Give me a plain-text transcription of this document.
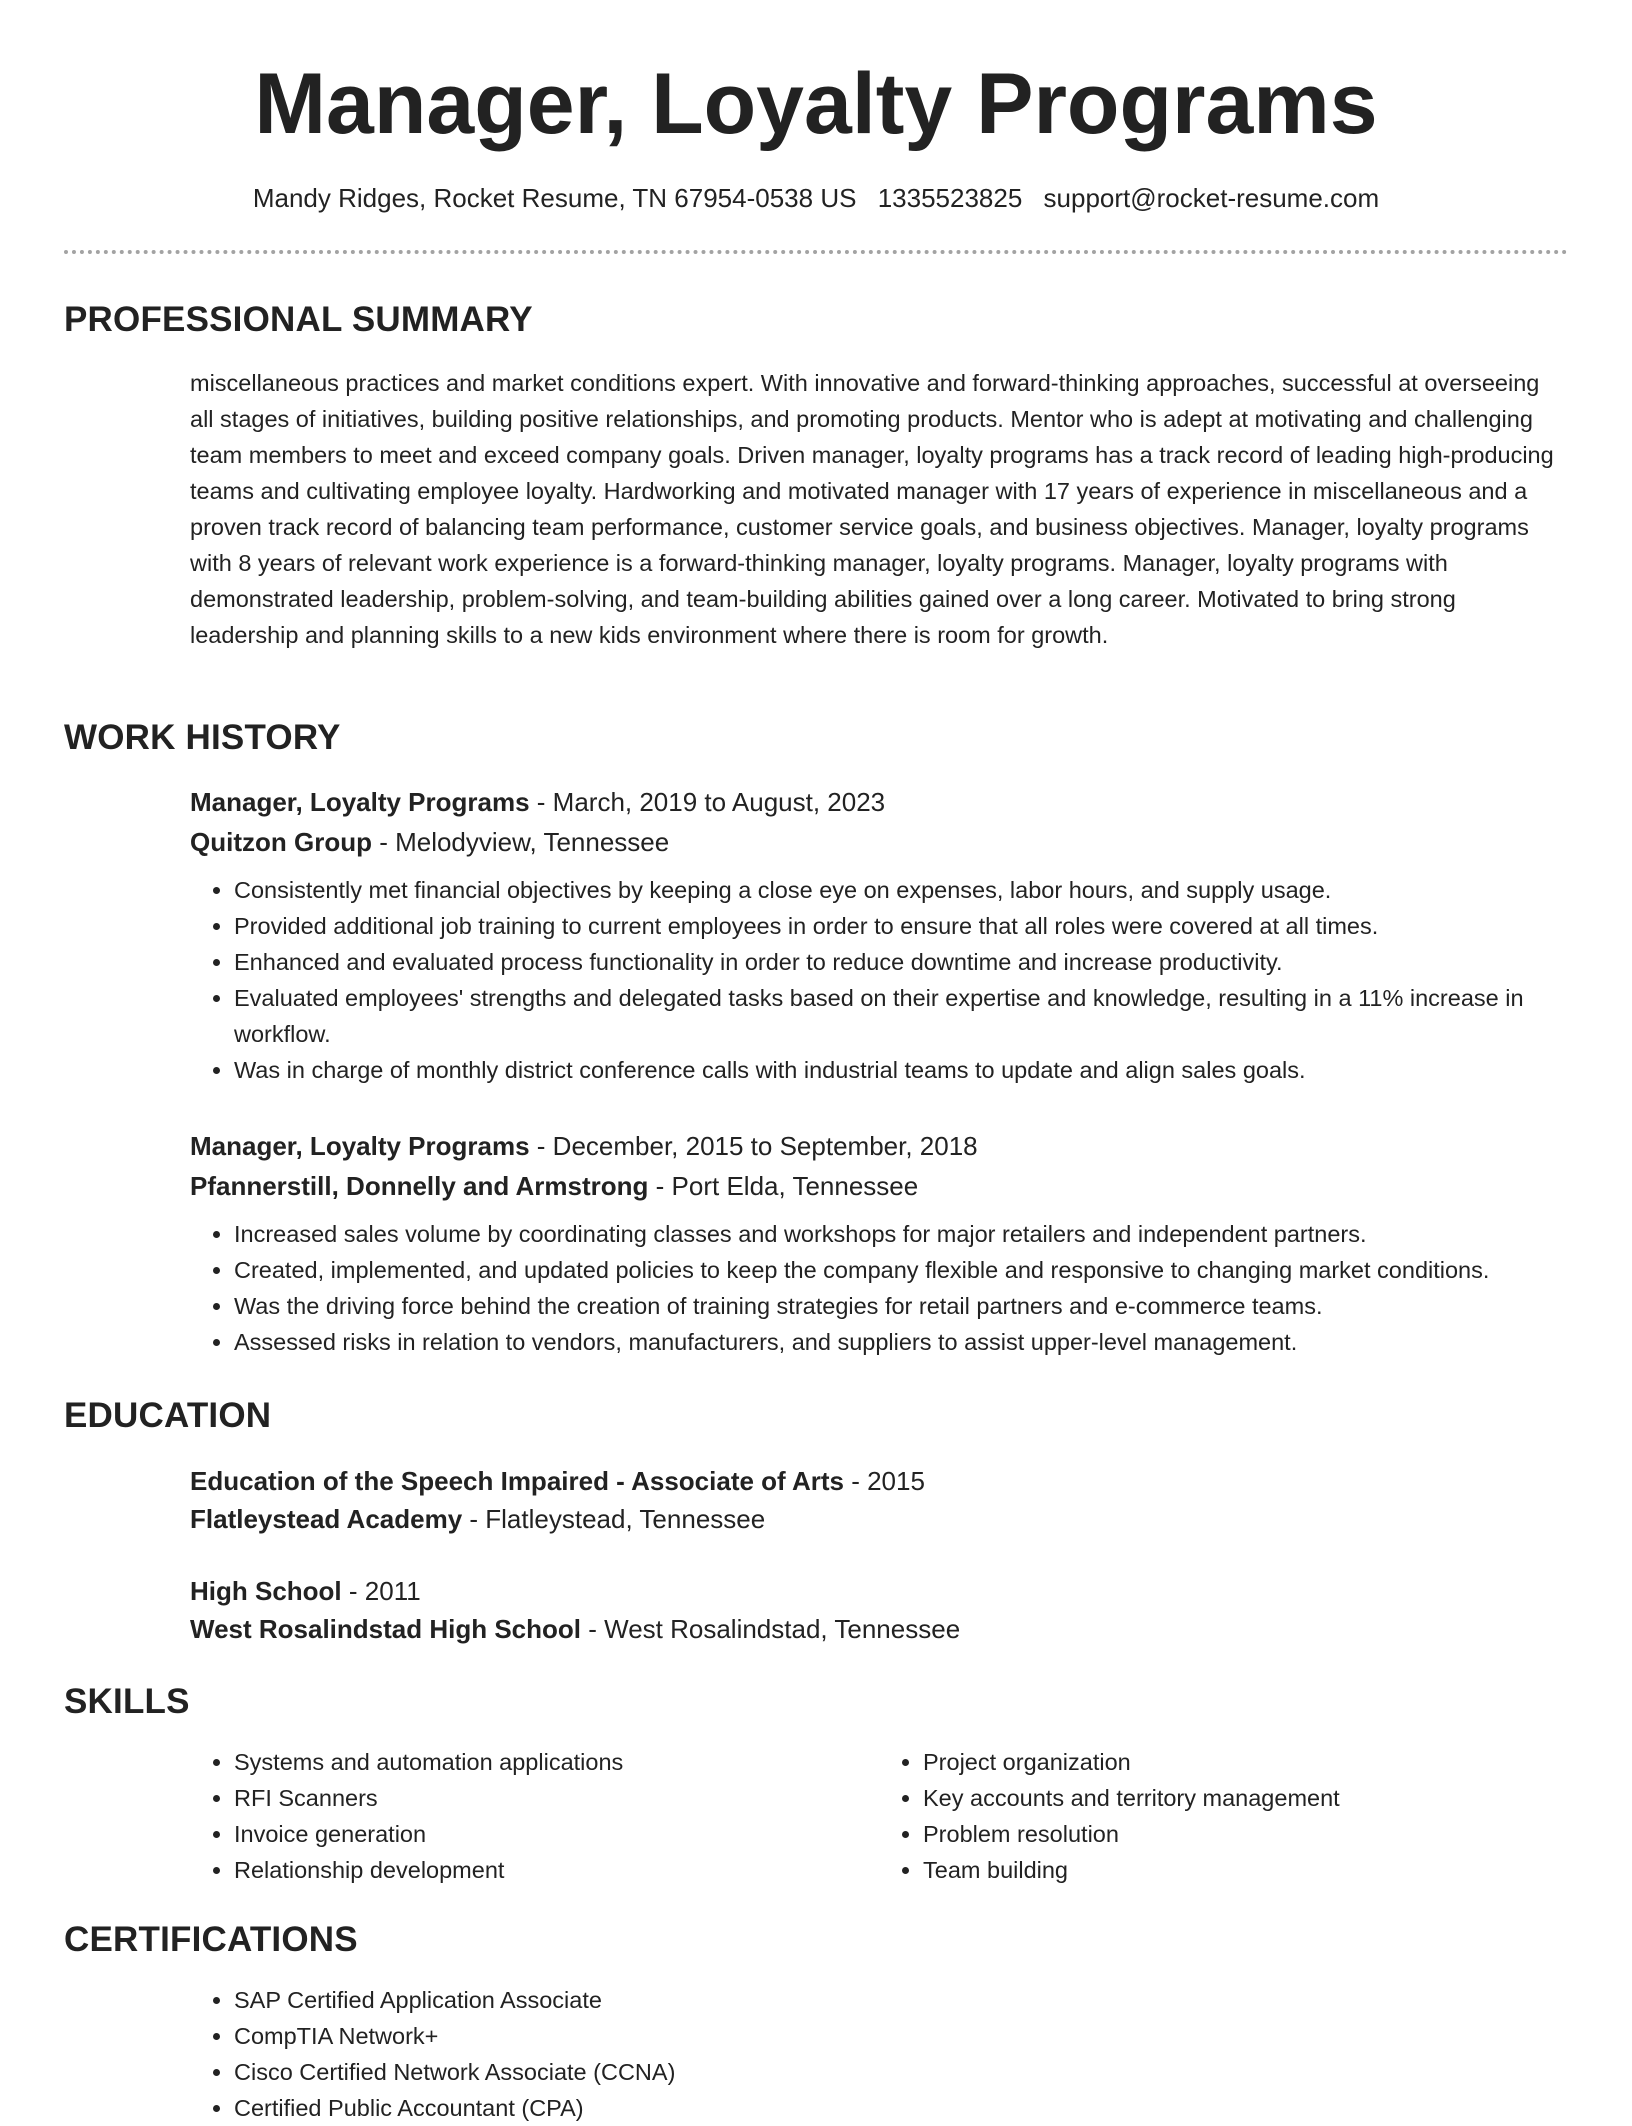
Manager, Loyalty Programs
Mandy Ridges, Rocket Resume, TN 67954-0538 US 1335523825 support@rocket-resume.com
PROFESSIONAL SUMMARY

miscellaneous practices and market conditions expert. With innovative and forward-thinking approaches, successful at overseeing all stages of initiatives, building positive relationships, and promoting products. Mentor who is adept at motivating and challenging team members to meet and exceed company goals. Driven manager, loyalty programs has a track record of leading high-producing teams and cultivating employee loyalty. Hardworking and motivated manager with 17 years of experience in miscellaneous and a proven track record of balancing team performance, customer service goals, and business objectives. Manager, loyalty programs with 8 years of relevant work experience is a forward-thinking manager, loyalty programs. Manager, loyalty programs with demonstrated leadership, problem-solving, and team-building abilities gained over a long career. Motivated to bring strong leadership and planning skills to a new kids environment where there is room for growth.

WORK HISTORY

Manager, Loyalty Programs - March, 2019 to August, 2023

Quitzon Group - Melodyview, Tennessee

• Consistently met financial objectives by keeping a close eye on expenses, labor hours, and supply usage.
• Provided additional job training to current employees in order to ensure that all roles were covered at all times.
• Enhanced and evaluated process functionality in order to reduce downtime and increase productivity.
• Evaluated employees' strengths and delegated tasks based on their expertise and knowledge, resulting in a 11% increase in workflow.
• Was in charge of monthly district conference calls with industrial teams to update and align sales goals.

Manager, Loyalty Programs - December, 2015 to September, 2018

Pfannerstill, Donnelly and Armstrong - Port Elda, Tennessee

• Increased sales volume by coordinating classes and workshops for major retailers and independent partners.
• Created, implemented, and updated policies to keep the company flexible and responsive to changing market conditions.
• Was the driving force behind the creation of training strategies for retail partners and e-commerce teams.
• Assessed risks in relation to vendors, manufacturers, and suppliers to assist upper-level management.
EDUCATION

Education of the Speech Impaired - Associate of Arts - 2015

Flatleystead Academy - Flatleystead, Tennessee

High School - 2011

West Rosalindstad High School - West Rosalindstad, Tennessee

SKILLS
• Systems and automation applications
• RFI Scanners
• Invoice generation
• Relationship development
• Project organization
• Key accounts and territory management
• Problem resolution
• Team building
CERTIFICATIONS
• SAP Certified Application Associate
• CompTIA Network+
• Cisco Certified Network Associate (CCNA)
• Certified Public Accountant (CPA)
